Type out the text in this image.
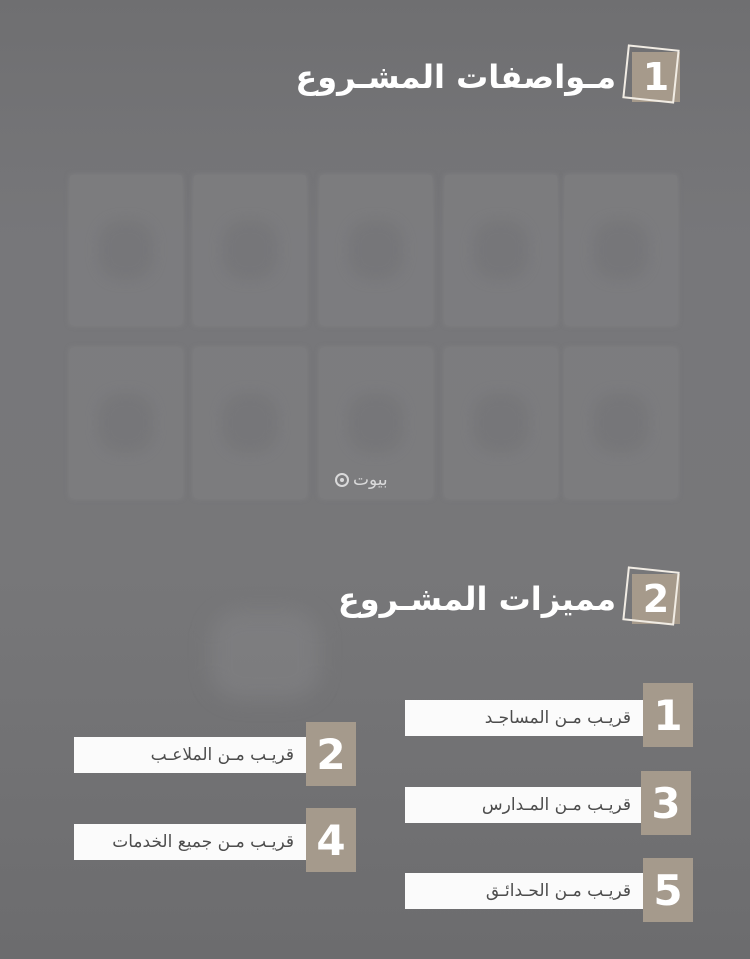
1
مـواصفات المشـروع
بيوت
2
مميزات المشـروع
قريـب مـن المساجـد 1
قريـب مـن الملاعـب 2
قريـب مـن المـدارس 3
قريـب مـن جميع الخدمات 4
قريـب مـن الحـدائـق 5
